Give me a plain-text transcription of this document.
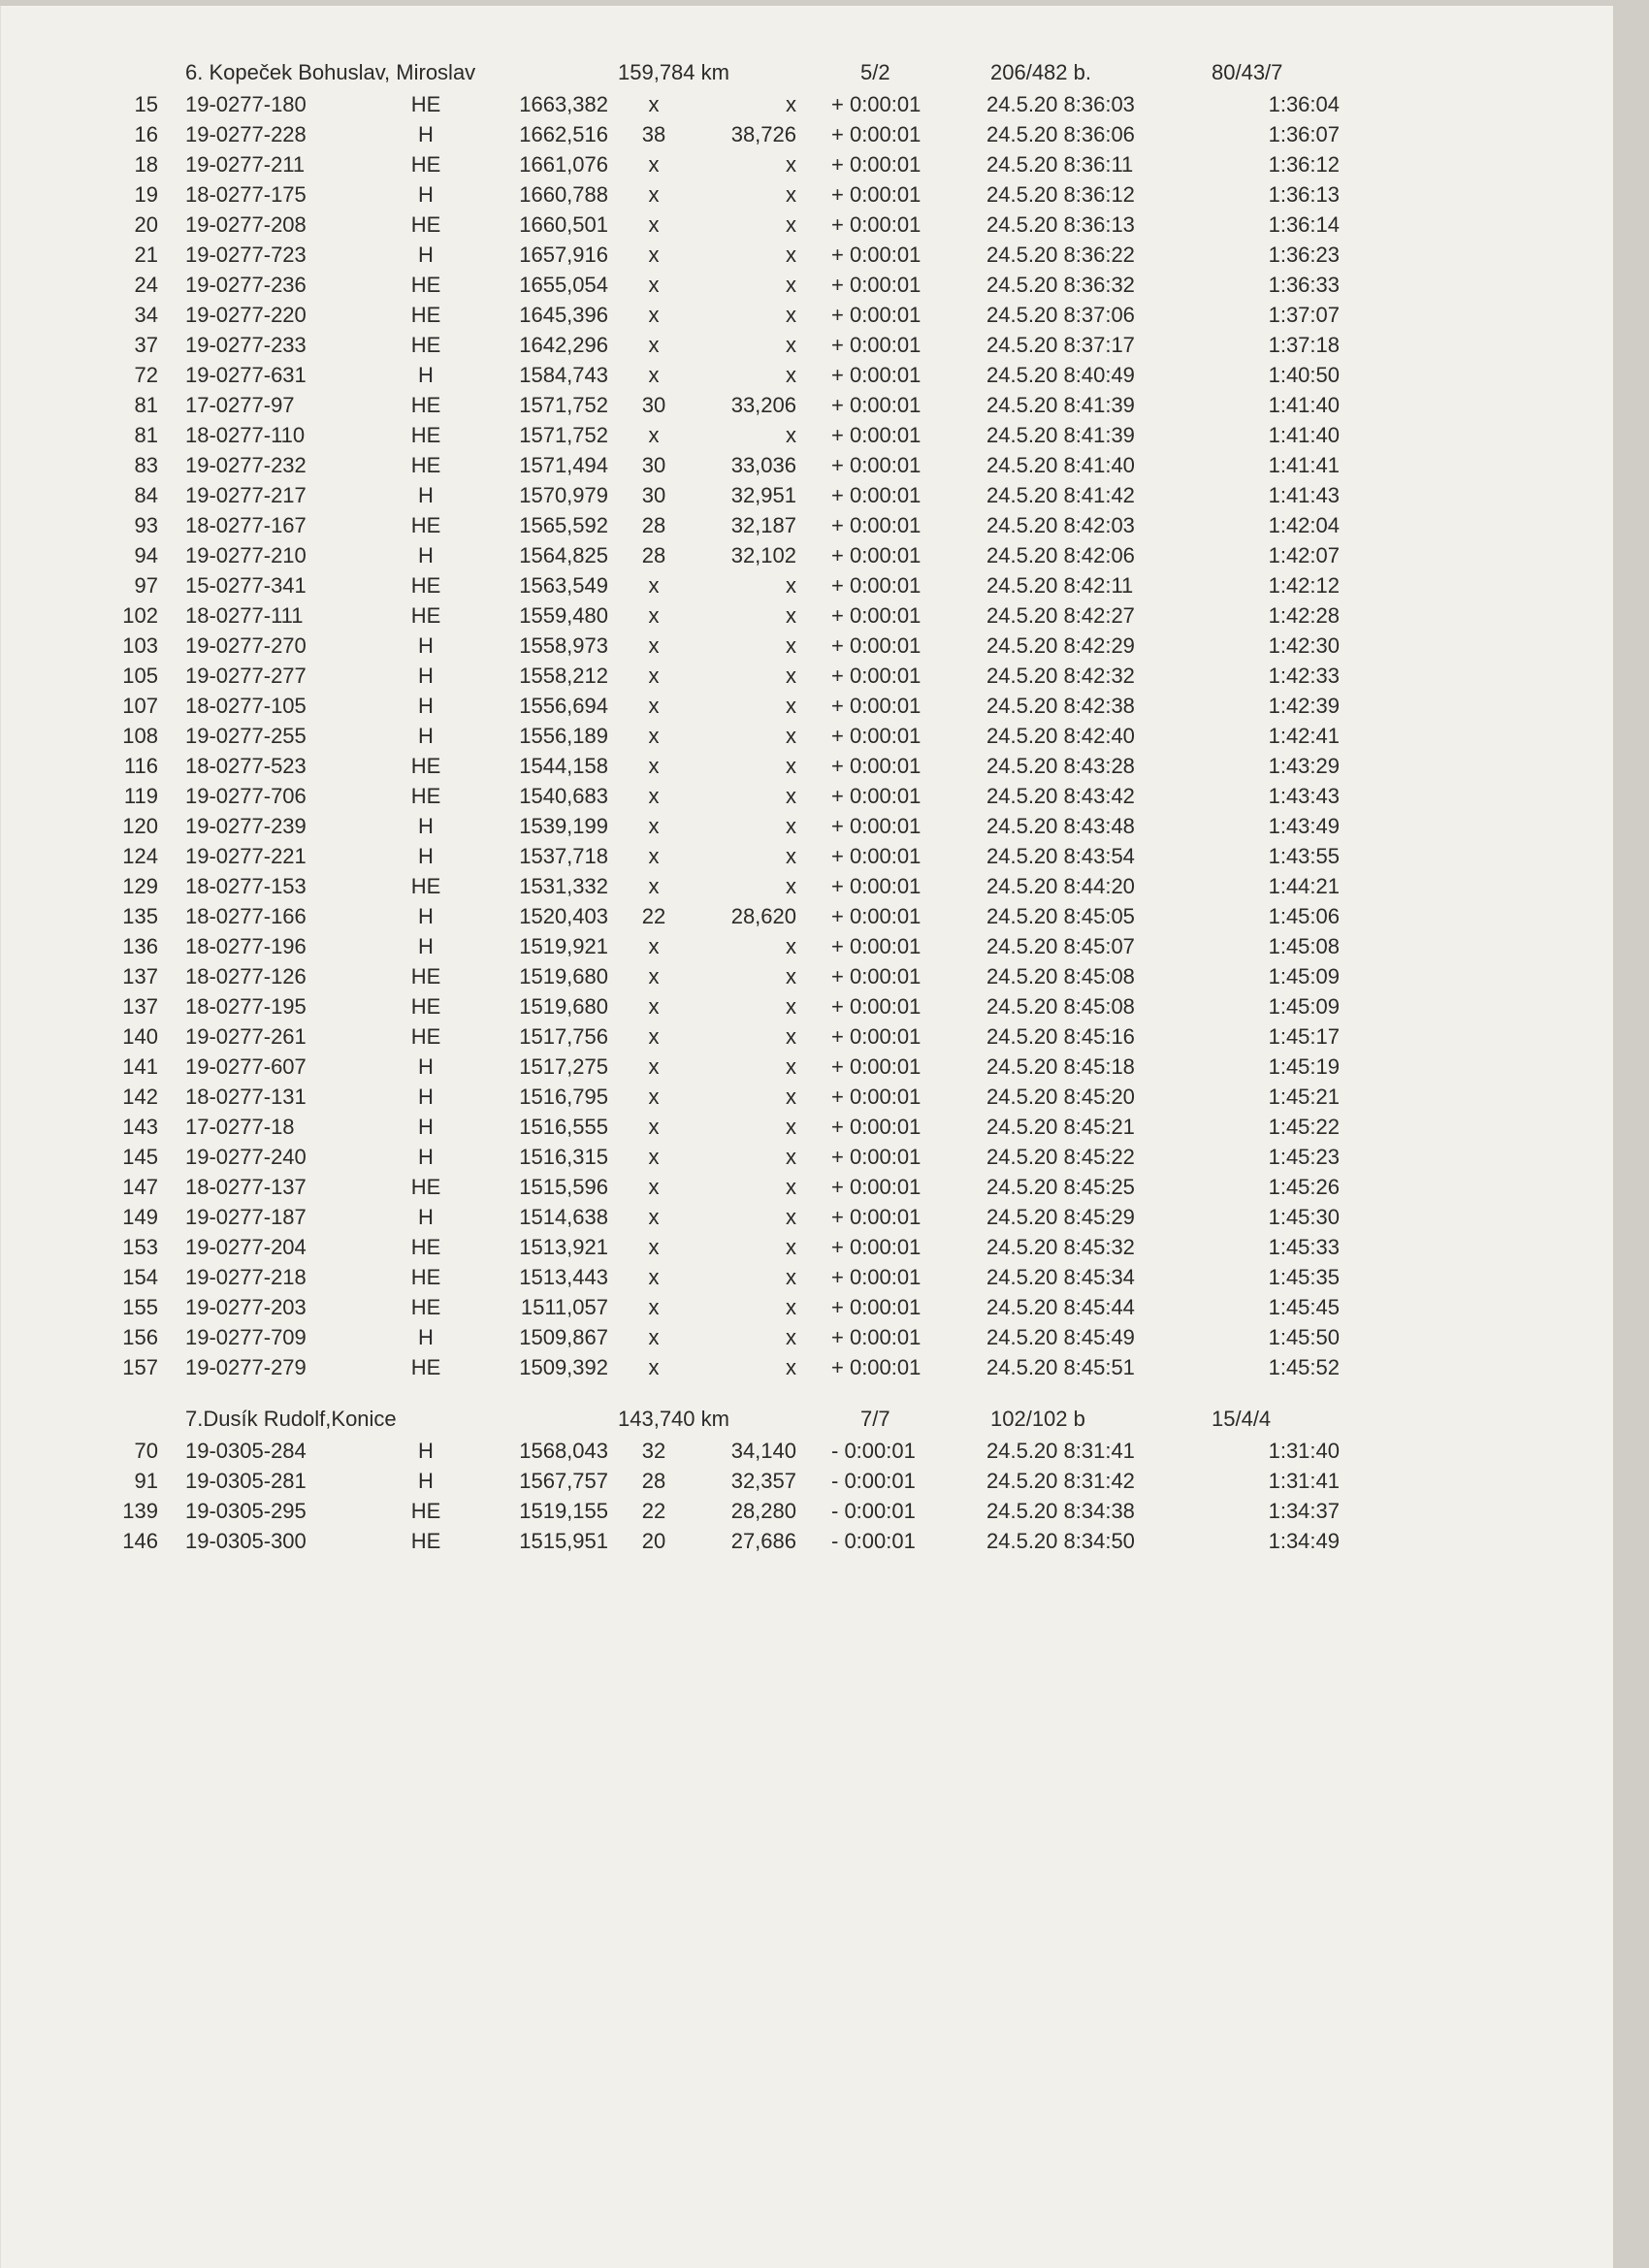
6. Kopeček Bohuslav, Miroslav	159,784 km	5/2	206/482 b.	80/43/7
15 19-0277-180	HE	1663,382	x	x + 0:00:01	24.5.20 8:36:03	1:36:04
16 19-0277-228	H	1662,516	38	38,726 + 0:00:01	24.5.20 8:36:06	1:36:07
18 19-0277-211	HE	1661,076	x	x + 0:00:01	24.5.20 8:36:11	1:36:12
19 18-0277-175	H	1660,788	x	x + 0:00:01	24.5.20 8:36:12	1:36:13
20 19-0277-208	HE	1660,501	x	x + 0:00:01	24.5.20 8:36:13	1:36:14
21 19-0277-723	H	1657,916	x	x + 0:00:01	24.5.20 8:36:22	1:36:23
24 19-0277-236	HE	1655,054	x	x + 0:00:01	24.5.20 8:36:32	1:36:33
34 19-0277-220	HE	1645,396	x	x + 0:00:01	24.5.20 8:37:06	1:37:07
37 19-0277-233	HE	1642,296	x	x + 0:00:01	24.5.20 8:37:17	1:37:18
72 19-0277-631	H	1584,743	x	x + 0:00:01	24.5.20 8:40:49	1:40:50
81 17-0277-97	HE	1571,752	30	33,206 + 0:00:01	24.5.20 8:41:39	1:41:40
81 18-0277-110	HE	1571,752	x	x + 0:00:01	24.5.20 8:41:39	1:41:40
83 19-0277-232	HE	1571,494	30	33,036 + 0:00:01	24.5.20 8:41:40	1:41:41
84 19-0277-217	H	1570,979	30	32,951 + 0:00:01	24.5.20 8:41:42	1:41:43
93 18-0277-167	HE	1565,592	28	32,187 + 0:00:01	24.5.20 8:42:03	1:42:04
94 19-0277-210	H	1564,825	28	32,102 + 0:00:01	24.5.20 8:42:06	1:42:07
97 15-0277-341	HE	1563,549	x	x + 0:00:01	24.5.20 8:42:11	1:42:12
102 18-0277-111	HE	1559,480	x	x + 0:00:01	24.5.20 8:42:27	1:42:28
103 19-0277-270	H	1558,973	x	x + 0:00:01	24.5.20 8:42:29	1:42:30
105 19-0277-277	H	1558,212	x	x + 0:00:01	24.5.20 8:42:32	1:42:33
107 18-0277-105	H	1556,694	x	x + 0:00:01	24.5.20 8:42:38	1:42:39
108 19-0277-255	H	1556,189	x	x + 0:00:01	24.5.20 8:42:40	1:42:41
116 18-0277-523	HE	1544,158	x	x + 0:00:01	24.5.20 8:43:28	1:43:29
119 19-0277-706	HE	1540,683	x	x + 0:00:01	24.5.20 8:43:42	1:43:43
120 19-0277-239	H	1539,199	x	x + 0:00:01	24.5.20 8:43:48	1:43:49
124 19-0277-221	H	1537,718	x	x + 0:00:01	24.5.20 8:43:54	1:43:55
129 18-0277-153	HE	1531,332	x	x + 0:00:01	24.5.20 8:44:20	1:44:21
135 18-0277-166	H	1520,403	22	28,620 + 0:00:01	24.5.20 8:45:05	1:45:06
136 18-0277-196	H	1519,921	x	x + 0:00:01	24.5.20 8:45:07	1:45:08
137 18-0277-126	HE	1519,680	x	x + 0:00:01	24.5.20 8:45:08	1:45:09
137 18-0277-195	HE	1519,680	x	x + 0:00:01	24.5.20 8:45:08	1:45:09
140 19-0277-261	HE	1517,756	x	x + 0:00:01	24.5.20 8:45:16	1:45:17
141 19-0277-607	H	1517,275	x	x + 0:00:01	24.5.20 8:45:18	1:45:19
142 18-0277-131	H	1516,795	x	x + 0:00:01	24.5.20 8:45:20	1:45:21
143 17-0277-18	H	1516,555	x	x + 0:00:01	24.5.20 8:45:21	1:45:22
145 19-0277-240	H	1516,315	x	x + 0:00:01	24.5.20 8:45:22	1:45:23
147 18-0277-137	HE	1515,596	x	x + 0:00:01	24.5.20 8:45:25	1:45:26
149 19-0277-187	H	1514,638	x	x + 0:00:01	24.5.20 8:45:29	1:45:30
153 19-0277-204	HE	1513,921	x	x + 0:00:01	24.5.20 8:45:32	1:45:33
154 19-0277-218	HE	1513,443	x	x + 0:00:01	24.5.20 8:45:34	1:45:35
155 19-0277-203	HE	1511,057	x	x + 0:00:01	24.5.20 8:45:44	1:45:45
156 19-0277-709	H	1509,867	x	x + 0:00:01	24.5.20 8:45:49	1:45:50
157 19-0277-279	HE	1509,392	x	x + 0:00:01	24.5.20 8:45:51	1:45:52
7.Dusík Rudolf,Konice	143,740 km	7/7	102/102 b	15/4/4
70 19-0305-284	H	1568,043	32	34,140 - 0:00:01	24.5.20 8:31:41	1:31:40
91 19-0305-281	H	1567,757	28	32,357 - 0:00:01	24.5.20 8:31:42	1:31:41
139 19-0305-295	HE	1519,155	22	28,280 - 0:00:01	24.5.20 8:34:38	1:34:37
146 19-0305-300	HE	1515,951	20	27,686 - 0:00:01	24.5.20 8:34:50	1:34:49
